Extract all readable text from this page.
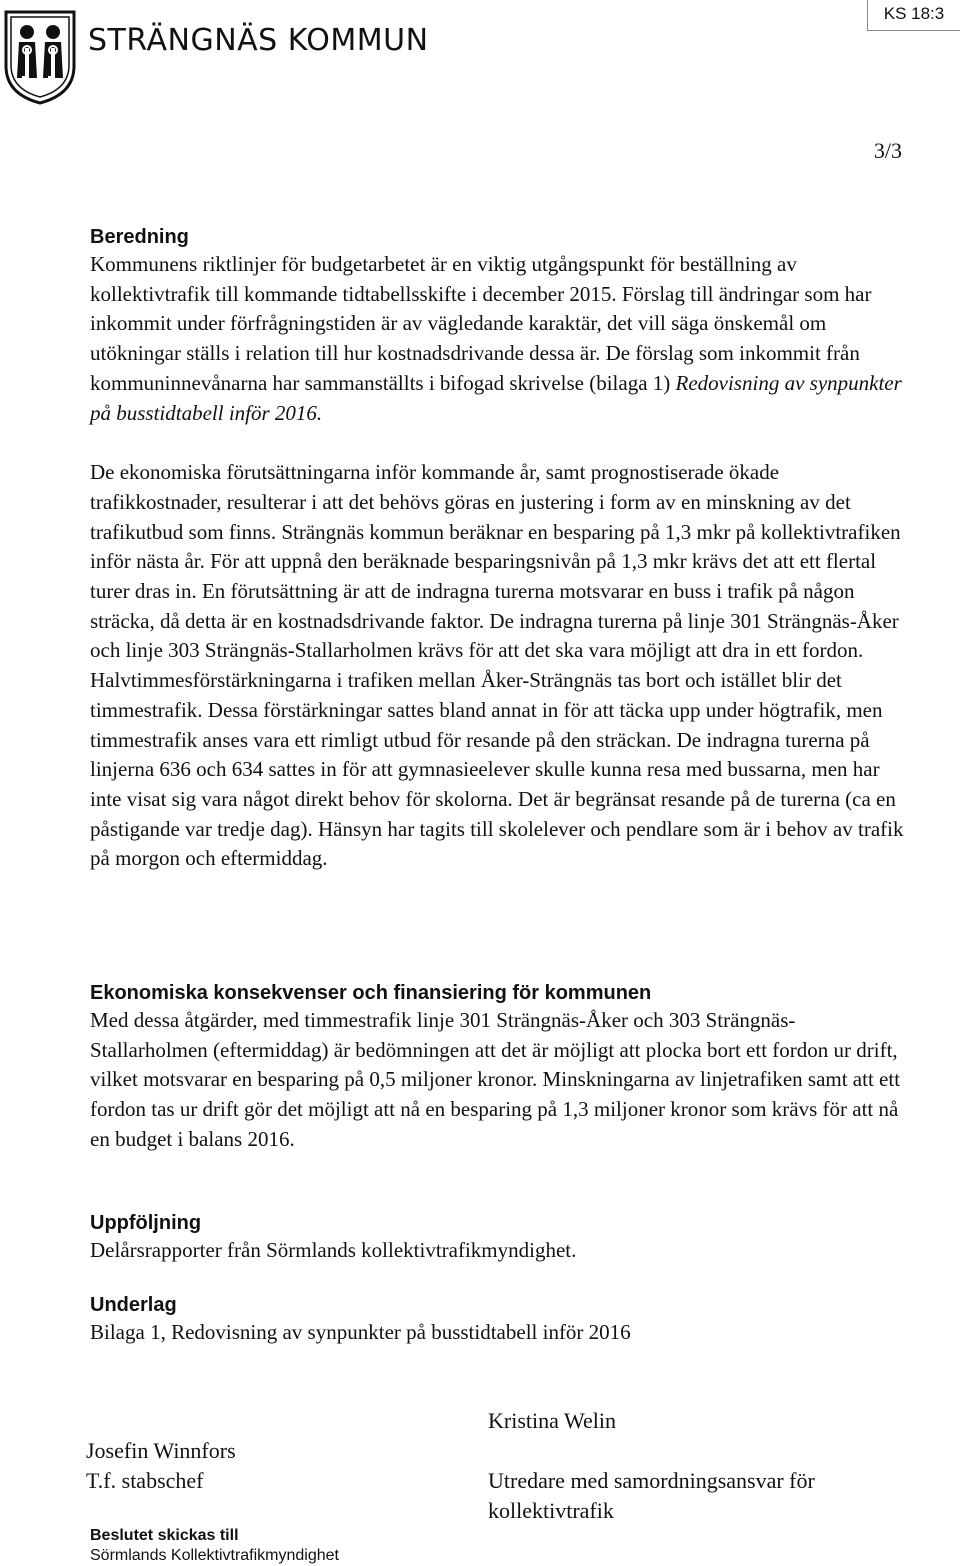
KS 18:3
STRÄNGNÄS KOMMUN
3/3
Beredning

Kommunens riktlinjer för budgetarbetet är en viktig utgångspunkt för beställning av kollektivtrafik till kommande tidtabellsskifte i december 2015. Förslag till ändringar som har inkommit under förfrågningstiden är av vägledande karaktär, det vill säga önskemål om utökningar ställs i relation till hur kostnadsdrivande dessa är. De förslag som inkommit från kommuninnevånarna har sammanställts i bifogad skrivelse (bilaga 1) Redovisning av synpunkter på busstidtabell inför 2016.

De ekonomiska förutsättningarna inför kommande år, samt prognostiserade ökade trafikkostnader, resulterar i att det behövs göras en justering i form av en minskning av det trafikutbud som finns. Strängnäs kommun beräknar en besparing på 1,3 mkr på kollektivtrafiken inför nästa år. För att uppnå den beräknade besparingsnivån på 1,3 mkr krävs det att ett flertal turer dras in. En förutsättning är att de indragna turerna motsvarar en buss i trafik på någon sträcka, då detta är en kostnadsdrivande faktor. De indragna turerna på linje 301 Strängnäs-Åker och linje 303 Strängnäs-Stallarholmen krävs för att det ska vara möjligt att dra in ett fordon. Halvtimmesförstärkningarna i trafiken mellan Åker-Strängnäs tas bort och istället blir det timmestrafik. Dessa förstärkningar sattes bland annat in för att täcka upp under högtrafik, men timmestrafik anses vara ett rimligt utbud för resande på den sträckan. De indragna turerna på linjerna 636 och 634 sattes in för att gymnasieelever skulle kunna resa med bussarna, men har inte visat sig vara något direkt behov för skolorna. Det är begränsat resande på de turerna (ca en påstigande var tredje dag). Hänsyn har tagits till skolelever och pendlare som är i behov av trafik på morgon och eftermiddag.

Ekonomiska konsekvenser och finansiering för kommunen

Med dessa åtgärder, med timmestrafik linje 301 Strängnäs-Åker och 303 Strängnäs-Stallarholmen (eftermiddag) är bedömningen att det är möjligt att plocka bort ett fordon ur drift, vilket motsvarar en besparing på 0,5 miljoner kronor. Minskningarna av linjetrafiken samt att ett fordon tas ur drift gör det möjligt att nå en besparing på 1,3 miljoner kronor som krävs för att nå en budget i balans 2016.

Uppföljning

Delårsrapporter från Sörmlands kollektivtrafikmyndighet.

Underlag

Bilaga 1, Redovisning av synpunkter på busstidtabell inför 2016

Josefin Winnfors
T.f. stabschef
Kristina Welin
Utredare med samordningsansvar för
kollektivtrafik
Beslutet skickas till
Sörmlands Kollektivtrafikmyndighet
